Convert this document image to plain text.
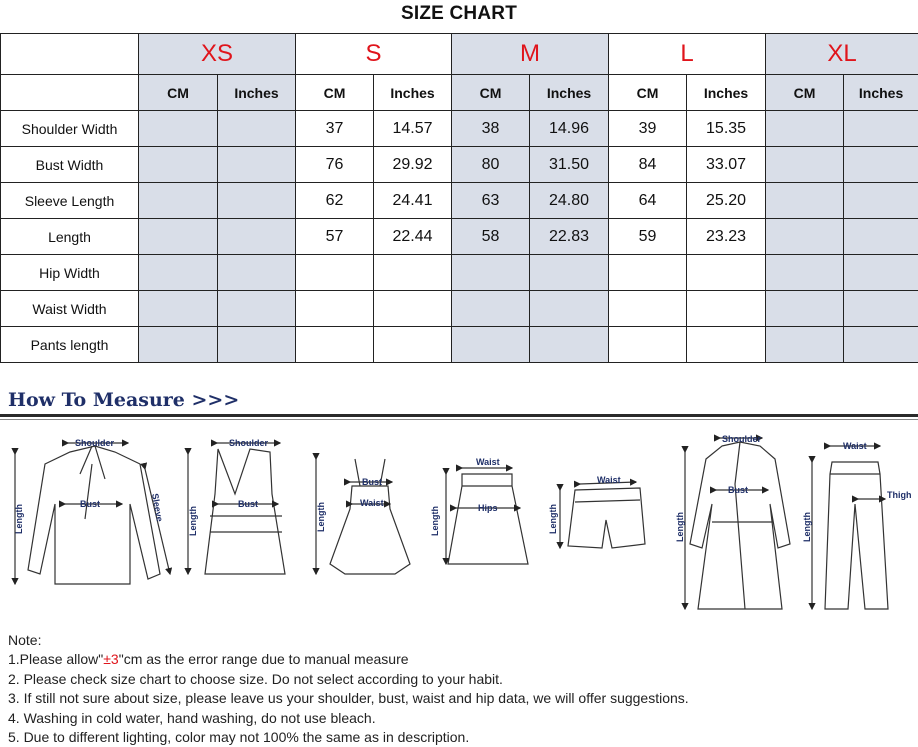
SIZE CHART
	XS		S		M		L		XL	
	CM	Inches	CM	Inches	CM	Inches	CM	Inches	CM	Inches
Shoulder Width			37	14.57	38	14.96	39	15.35		
Bust Width			76	29.92	80	31.50	84	33.07		
Sleeve Length			62	24.41	63	24.80	64	25.20		
Length			57	22.44	58	22.83	59	23.23		
Hip Width										
Waist Width										
Pants length										
How To Measure >>>
Shoulder
Bust
Length	Sleeve
Shoulder
Bust
Length
Bust
Waist
Length
Waist
Hips
Length
Waist
Length
Shoulder
Bust
Length
Waist
Thigh
Length
Note:
1.Please allow"±3"cm as the error range due to manual measure
2. Please check size chart to choose size. Do not select according to your habit.
3. If still not sure about size, please leave us your shoulder, bust, waist and hip data, we will offer suggestions.
4. Washing in cold water, hand washing, do not use bleach.
5. Due to different lighting, color may not 100% the same as in description.
